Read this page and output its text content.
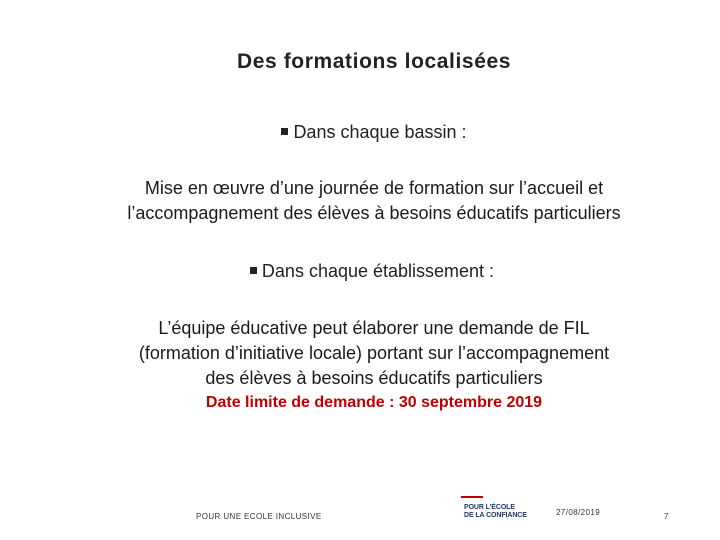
Des formations localisées
Dans chaque bassin :
Mise en œuvre d’une journée de formation sur l’accueil et
l’accompagnement des élèves à besoins éducatifs particuliers
Dans chaque établissement :
L’équipe éducative peut élaborer une demande de FIL
(formation d’initiative locale) portant sur l’accompagnement
des élèves à besoins éducatifs particuliers
Date limite de demande : 30 septembre 2019
POUR UNE ECOLE INCLUSIVE
POUR L’ÉCOLE
DE LA CONFIANCE	27/08/2019	7
